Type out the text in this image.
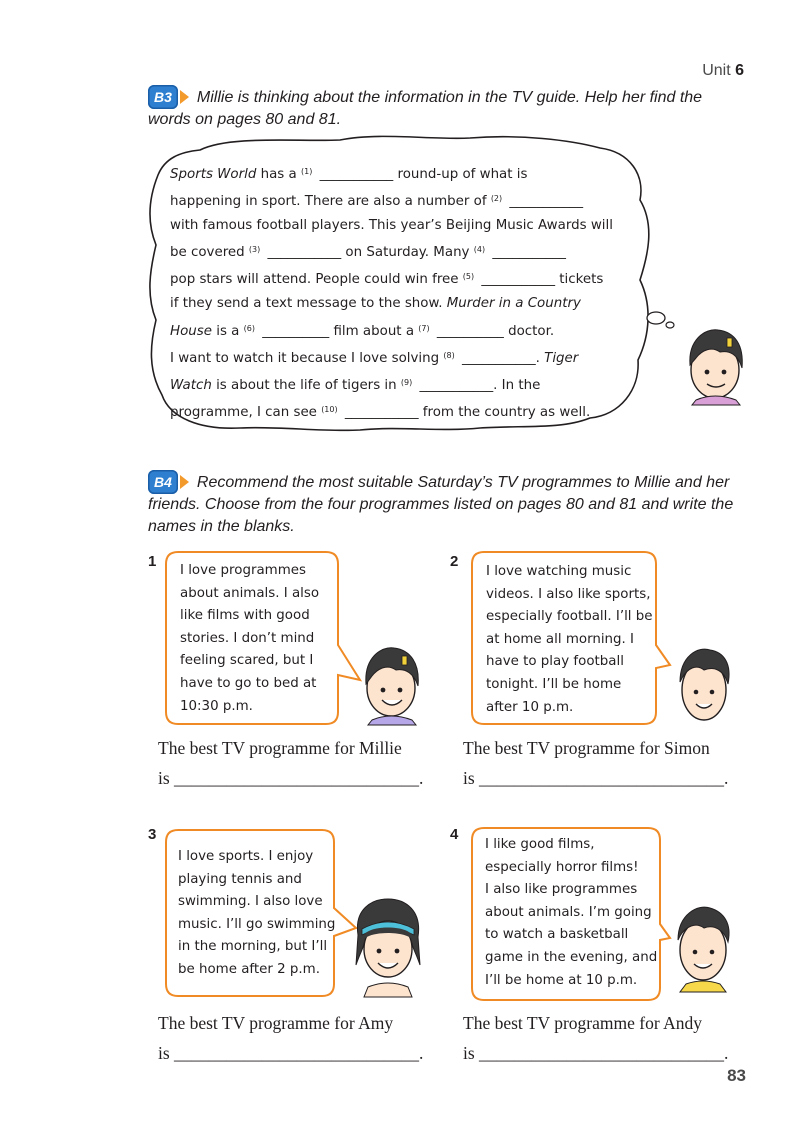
Unit 6
B3 Millie is thinking about the information in the TV guide. Help her find the words on pages 80 and 81.

Sports World has a $^{(1)}$ ___________ round-up of what is

happening in sport. There are also a number of $^{(2)}$ ___________

with famous football players. This year’s Beijing Music Awards will

be covered $^{(3)}$ ___________ on Saturday. Many $^{(4)}$ ___________

pop stars will attend. People could win free $^{(5)}$ ___________ tickets

if they send a text message to the show. Murder in a Country

House is a $^{(6)}$ __________ film about a $^{(7)}$ __________ doctor.

I want to watch it because I love solving $^{(8)}$ ___________. Tiger

Watch is about the life of tigers in $^{(9)}$ ___________. In the

programme, I can see $^{(10)}$ ___________ from the country as well.

B4 Recommend the most suitable Saturday’s TV programmes to Millie and her friends. Choose from the four programmes listed on pages 80 and 81 and write the names in the blanks.
1
I love programmes
about animals. I also
like films with good
stories. I don’t mind
feeling scared, but I
have to go to bed at
10:30 p.m.
The best TV programme for Millie
is ____________________________.
2
I love watching music
videos. I also like sports,
especially football. I’ll be
at home all morning. I
have to play football
tonight. I’ll be home
after 10 p.m.
The best TV programme for Simon
is ____________________________.
3
I love sports. I enjoy
playing tennis and
swimming. I also love
music. I’ll go swimming
in the morning, but I’ll
be home after 2 p.m.
The best TV programme for Amy
is ____________________________.
4
I like good films,
especially horror films!
I also like programmes
about animals. I’m going
to watch a basketball
game in the evening, and
I’ll be home at 10 p.m.
The best TV programme for Andy
is ____________________________.
83
